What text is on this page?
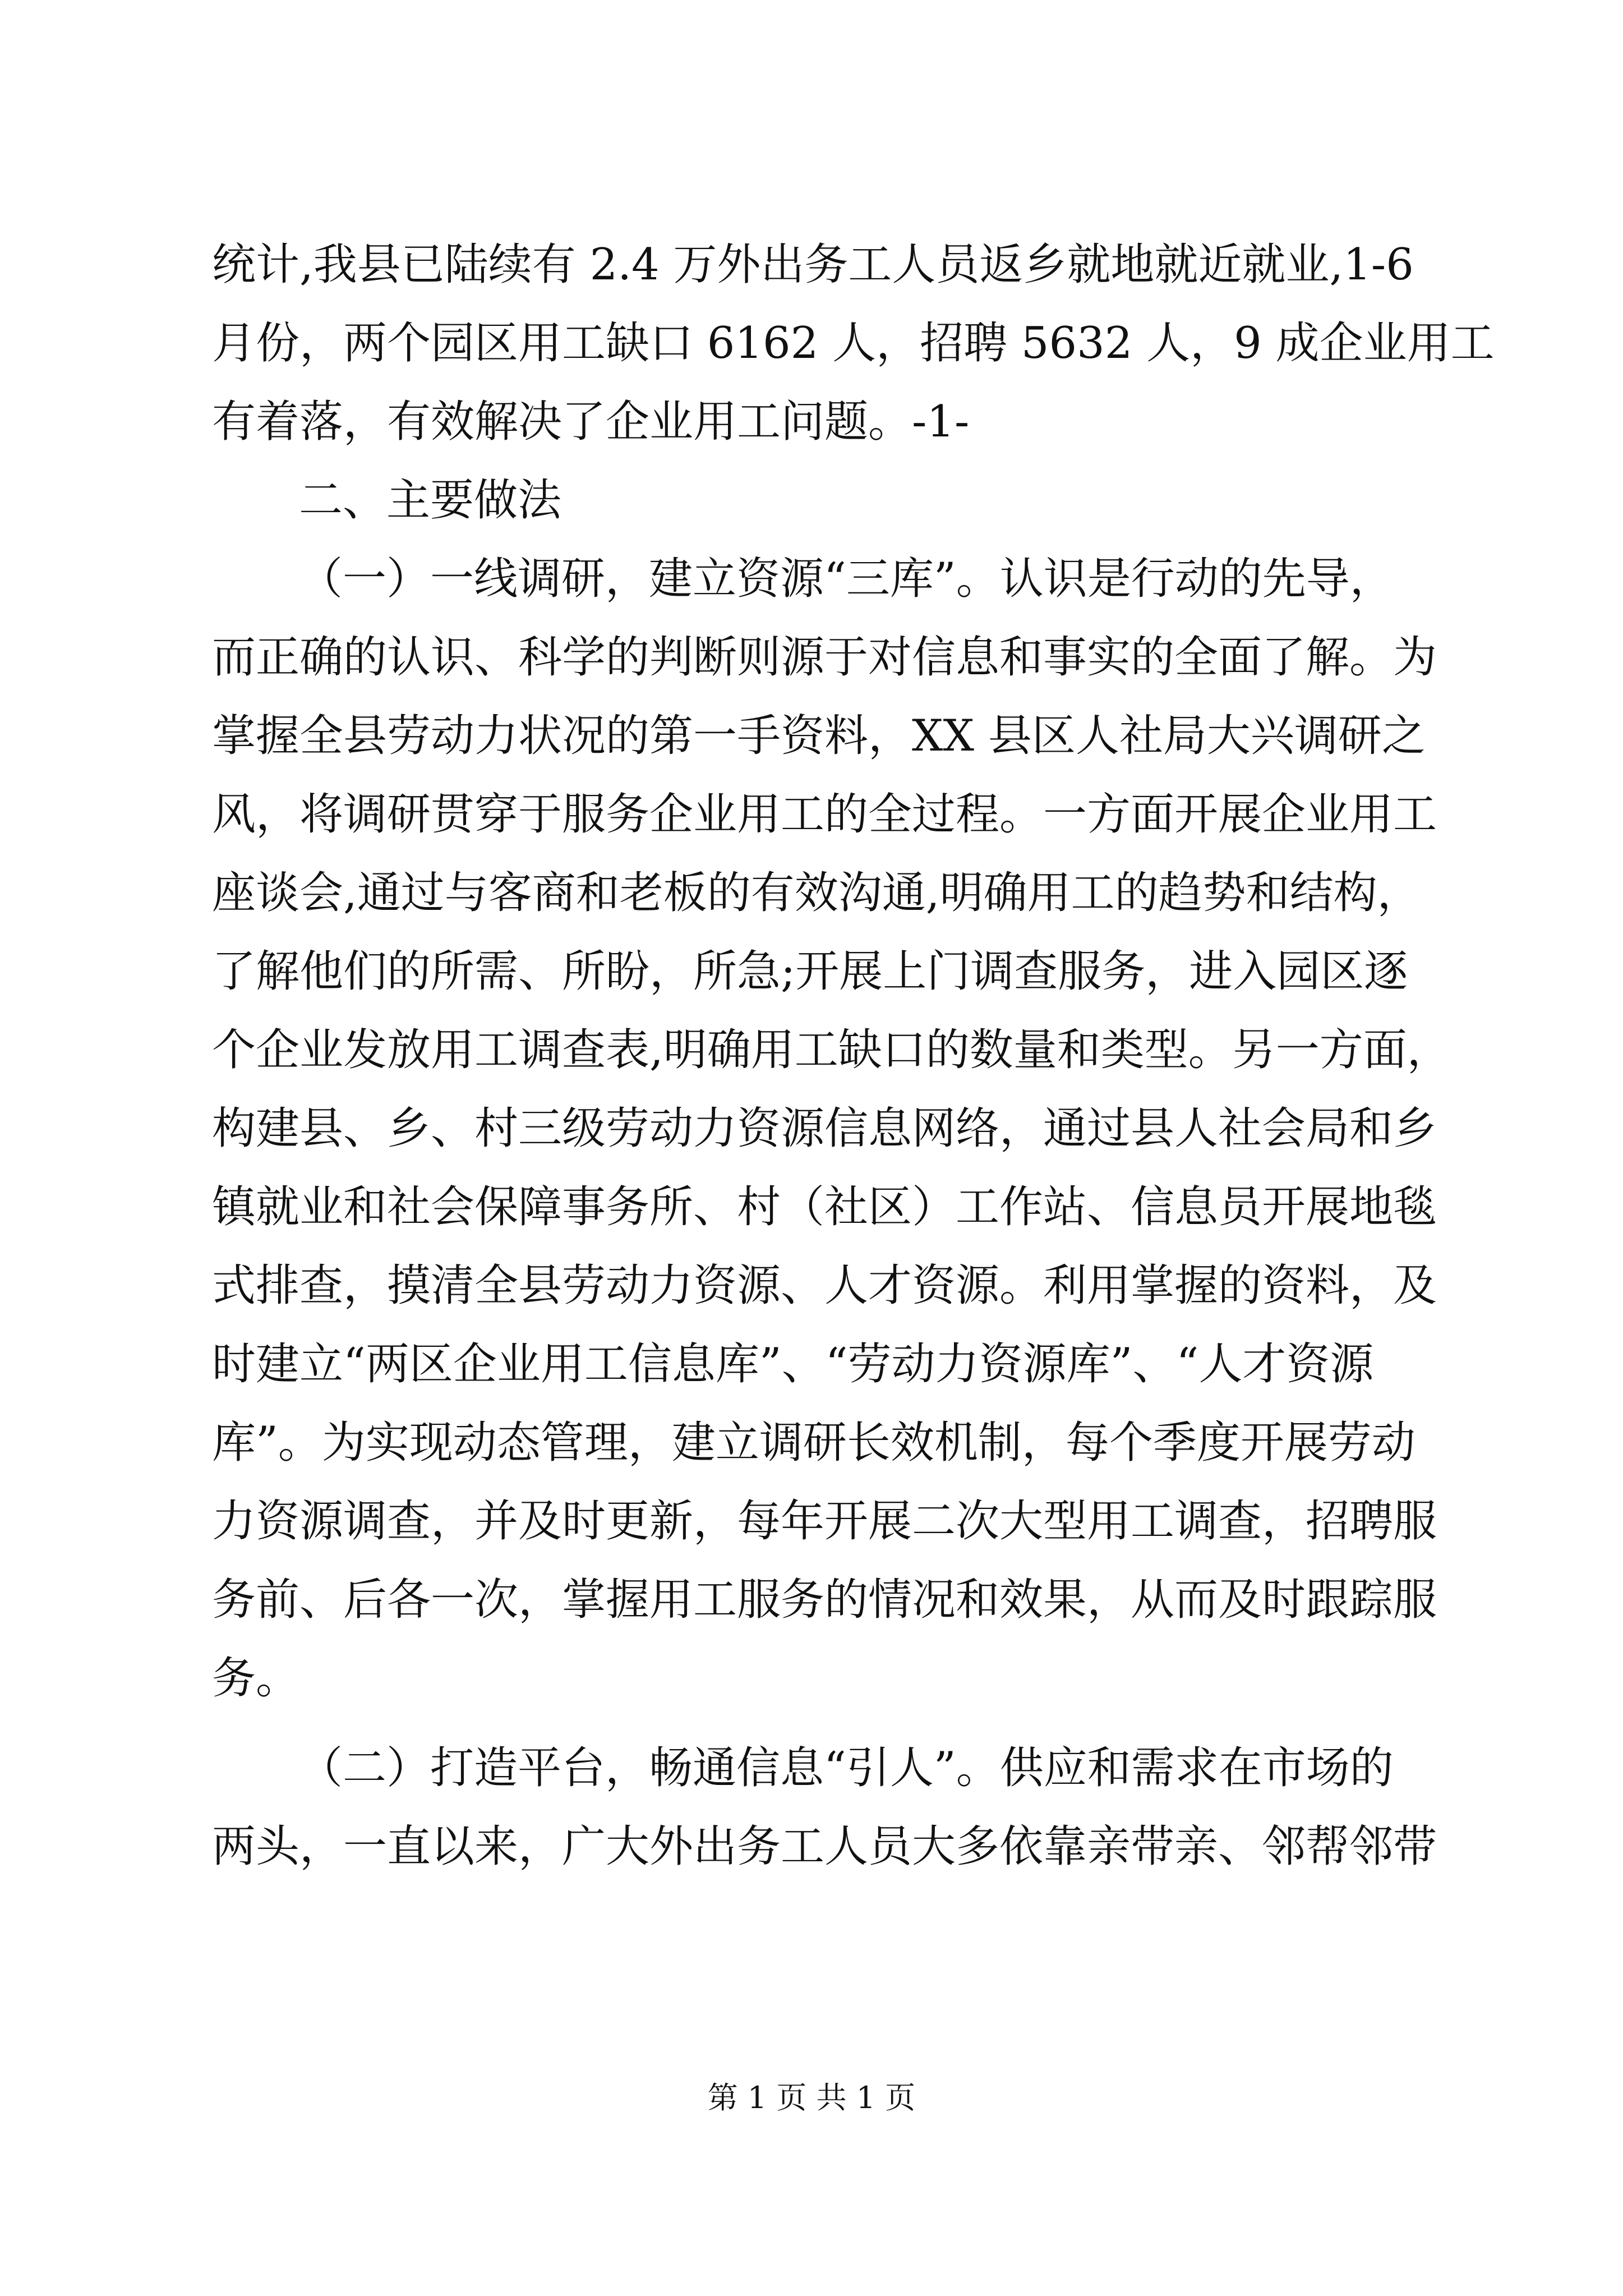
统计,我县已陆续有 2.4 万外出务工人员返乡就地就近就业,1-6
月份，两个园区用工缺口 6162 人，招聘 5632 人，9 成企业用工
有着落，有效解决了企业用工问题。-1-
二、主要做法
（一）一线调研，建立资源“三库”。认识是行动的先导，
而正确的认识、科学的判断则源于对信息和事实的全面了解。为
掌握全县劳动力状况的第一手资料，XX 县区人社局大兴调研之
风，将调研贯穿于服务企业用工的全过程。一方面开展企业用工
座谈会,通过与客商和老板的有效沟通,明确用工的趋势和结构，
了解他们的所需、所盼，所急;开展上门调查服务，进入园区逐
个企业发放用工调查表,明确用工缺口的数量和类型。另一方面，
构建县、乡、村三级劳动力资源信息网络，通过县人社会局和乡
镇就业和社会保障事务所、村（社区）工作站、信息员开展地毯
式排查，摸清全县劳动力资源、人才资源。利用掌握的资料，及
时建立“两区企业用工信息库”、“劳动力资源库”、“人才资源
库”。为实现动态管理，建立调研长效机制，每个季度开展劳动
力资源调查，并及时更新，每年开展二次大型用工调查，招聘服
务前、后各一次，掌握用工服务的情况和效果，从而及时跟踪服
务。
（二）打造平台，畅通信息“引人”。供应和需求在市场的
两头，一直以来，广大外出务工人员大多依靠亲带亲、邻帮邻带
第 1 页 共 1 页
